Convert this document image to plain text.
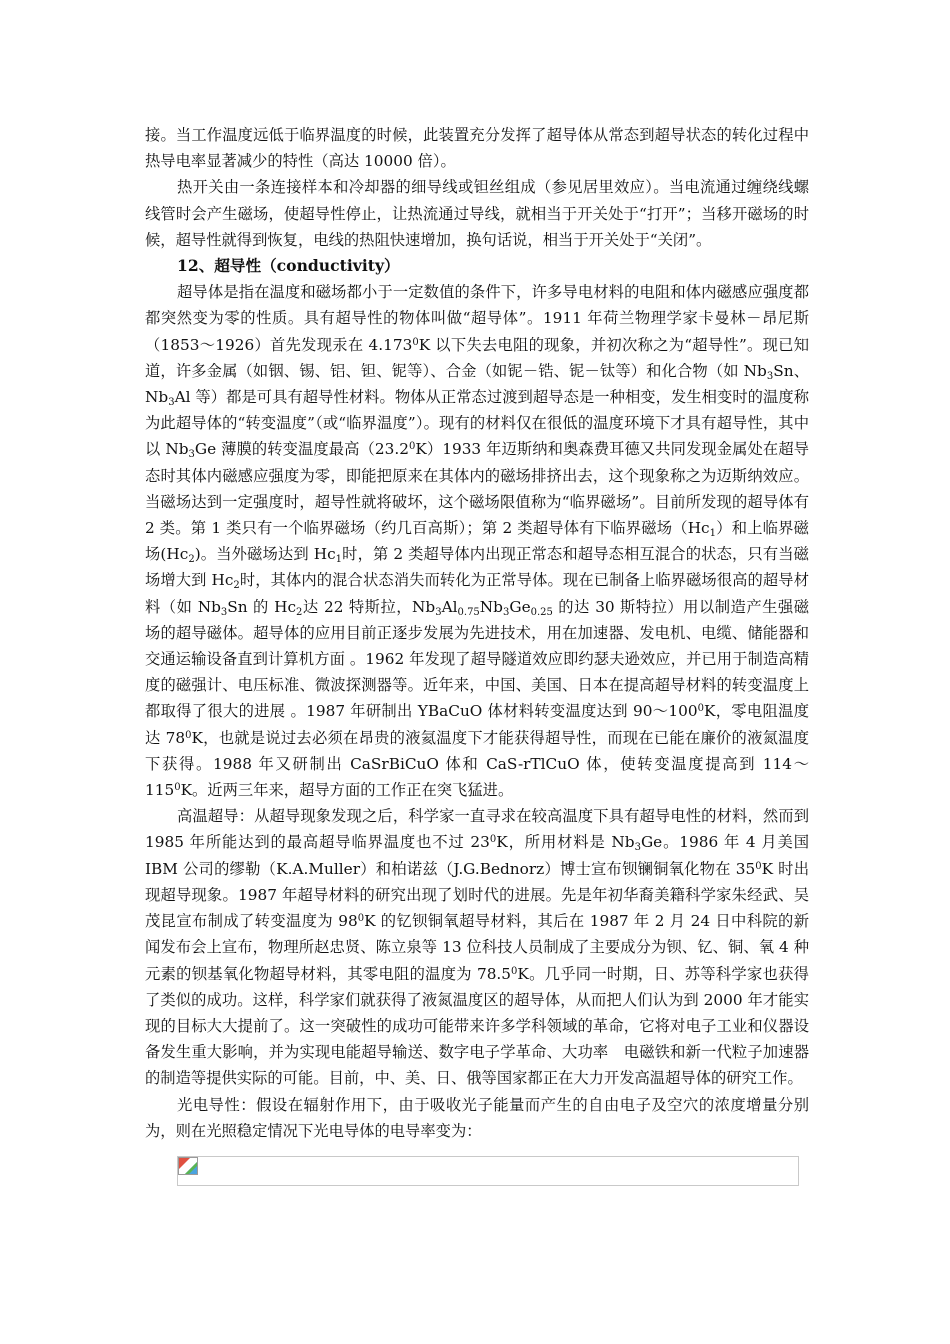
接。当工作温度远低于临界温度的时候，此装置充分发挥了超导体从常态到超导状态的转化过程中热导电率显著减少的特性（高达 10000 倍）。

热开关由一条连接样本和冷却器的细导线或钽丝组成（参见居里效应）。当电流通过缠绕线螺线管时会产生磁场，使超导性停止，让热流通过导线，就相当于开关处于“打开”；当移开磁场的时候，超导性就得到恢复，电线的热阻快速增加，换句话说，相当于开关处于“关闭”。

12、超导性（conductivity）

超导体是指在温度和磁场都小于一定数值的条件下，许多导电材料的电阻和体内磁感应强度都都突然变为零的性质。具有超导性的物体叫做“超导体”。1911 年荷兰物理学家卡曼林－昂尼斯（1853～1926）首先发现汞在 4.173$^0$K 以下失去电阻的现象，并初次称之为“超导性”。现已知道，许多金属（如铟、锡、铝、钽、铌等）、合金（如铌－锆、铌－钛等）和化合物（如 $Nb_3Sn$、$Nb_3Al$ 等）都是可具有超导性材料。物体从正常态过渡到超导态是一种相变，发生相变时的温度称为此超导体的“转变温度”（或“临界温度”）。现有的材料仅在很低的温度环境下才具有超导性，其中以 $Nb_3Ge$ 薄膜的转变温度最高（23.2$^0$K）1933 年迈斯纳和奥森费耳德又共同发现金属处在超导态时其体内磁感应强度为零，即能把原来在其体内的磁场排挤出去，这个现象称之为迈斯纳效应。当磁场达到一定强度时，超导性就将破坏，这个磁场限值称为“临界磁场”。目前所发现的超导体有 2 类。第 1 类只有一个临界磁场（约几百高斯）；第 2 类超导体有下临界磁场$(Hc_1)$和上临界磁场$(Hc_2)$。当外磁场达到 $Hc_1$时，第 2 类超导体内出现正常态和超导态相互混合的状态，只有当磁场增大到 $Hc_2$时，其体内的混合状态消失而转化为正常导体。现在已制备上临界磁场很高的超导材料（如 $Nb_3Sn$ 的 $Hc_2$达 22 特斯拉，$Nb_3Al_{0.75}Nb_3Ge_{0.25}$ 的达 30 斯特拉）用以制造产生强磁场的超导磁体。超导体的应用目前正逐步发展为先进技术，用在加速器、发电机、电缆、储能器和交通运输设备直到计算机方面 。1962 年发现了超导隧道效应即约瑟夫逊效应，并已用于制造高精度的磁强计、电压标准、微波探测器等。近年来，中国、美国、日本在提高超导材料的转变温度上都取得了很大的进展 。1987 年研制出 YBaCuO 体材料转变温度达到 $90\sim 100^0K$，零电阻温度达 $78^0K$，也就是说过去必须在昂贵的液氦温度下才能获得超导性，而现在已能在廉价的液氮温度下获得。1988 年又研制出 CaSrBiCuO 体和 CaS-rTlCuO 体，使转变温度提高到 $114\sim 115^0K$。近两三年来，超导方面的工作正在突飞猛进。

高温超导：从超导现象发现之后，科学家一直寻求在较高温度下具有超导电性的材料，然而到 1985 年所能达到的最高超导临界温度也不过 $23^0K$，所用材料是 $Nb_3Ge$。1986 年 4 月美国 IBM 公司的缪勒（K.A.Muller）和柏诺兹（J.G.Bednorz）博士宣布钡镧铜氧化物在 $35^0K$ 时出现超导现象。1987 年超导材料的研究出现了划时代的进展。先是年初华裔美籍科学家朱经武、吴茂昆宣布制成了转变温度为 $98^0K$ 的钇钡铜氧超导材料，其后在 1987 年 2 月 24 日中科院的新闻发布会上宣布，物理所赵忠贤、陈立泉等 13 位科技人员制成了主要成分为钡、钇、铜、氧 4 种元素的钡基氧化物超导材料，其零电阻的温度为 78.5$^0$K。几乎同一时期，日、苏等科学家也获得了类似的成功。这样，科学家们就获得了液氮温度区的超导体，从而把人们认为到 2000 年才能实现的目标大大提前了。这一突破性的成功可能带来许多学科领域的革命，它将对电子工业和仪器设备发生重大影响，并为实现电能超导输送、数字电子学革命、大功率　电磁铁和新一代粒子加速器的制造等提供实际的可能。目前，中、美、日、俄等国家都正在大力开发高温超导体的研究工作。

光电导性：假设在辐射作用下，由于吸收光子能量而产生的自由电子及空穴的浓度增量分别为，则在光照稳定情况下光电导体的电导率变为：
